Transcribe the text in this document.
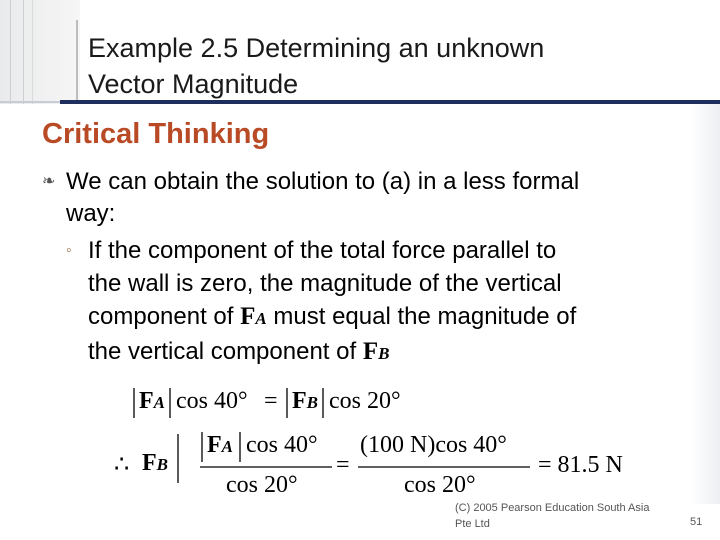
Example 2.5 Determining an unknown
Vector Magnitude
Critical Thinking
❧ We can obtain the solution to (a) in a less formal
way:
◦ If the component of the total force parallel to
the wall is zero, the magnitude of the vertical
component of FA must equal the magnitude of
the vertical component of FB
FA cos 40° = FB cos 20°
∴ FB
FA cos 40°
cos 20°
=
(100 N)cos 40°
cos 20°
= 81.5 N
(C) 2005 Pearson Education South Asia
Pte Ltd	51
